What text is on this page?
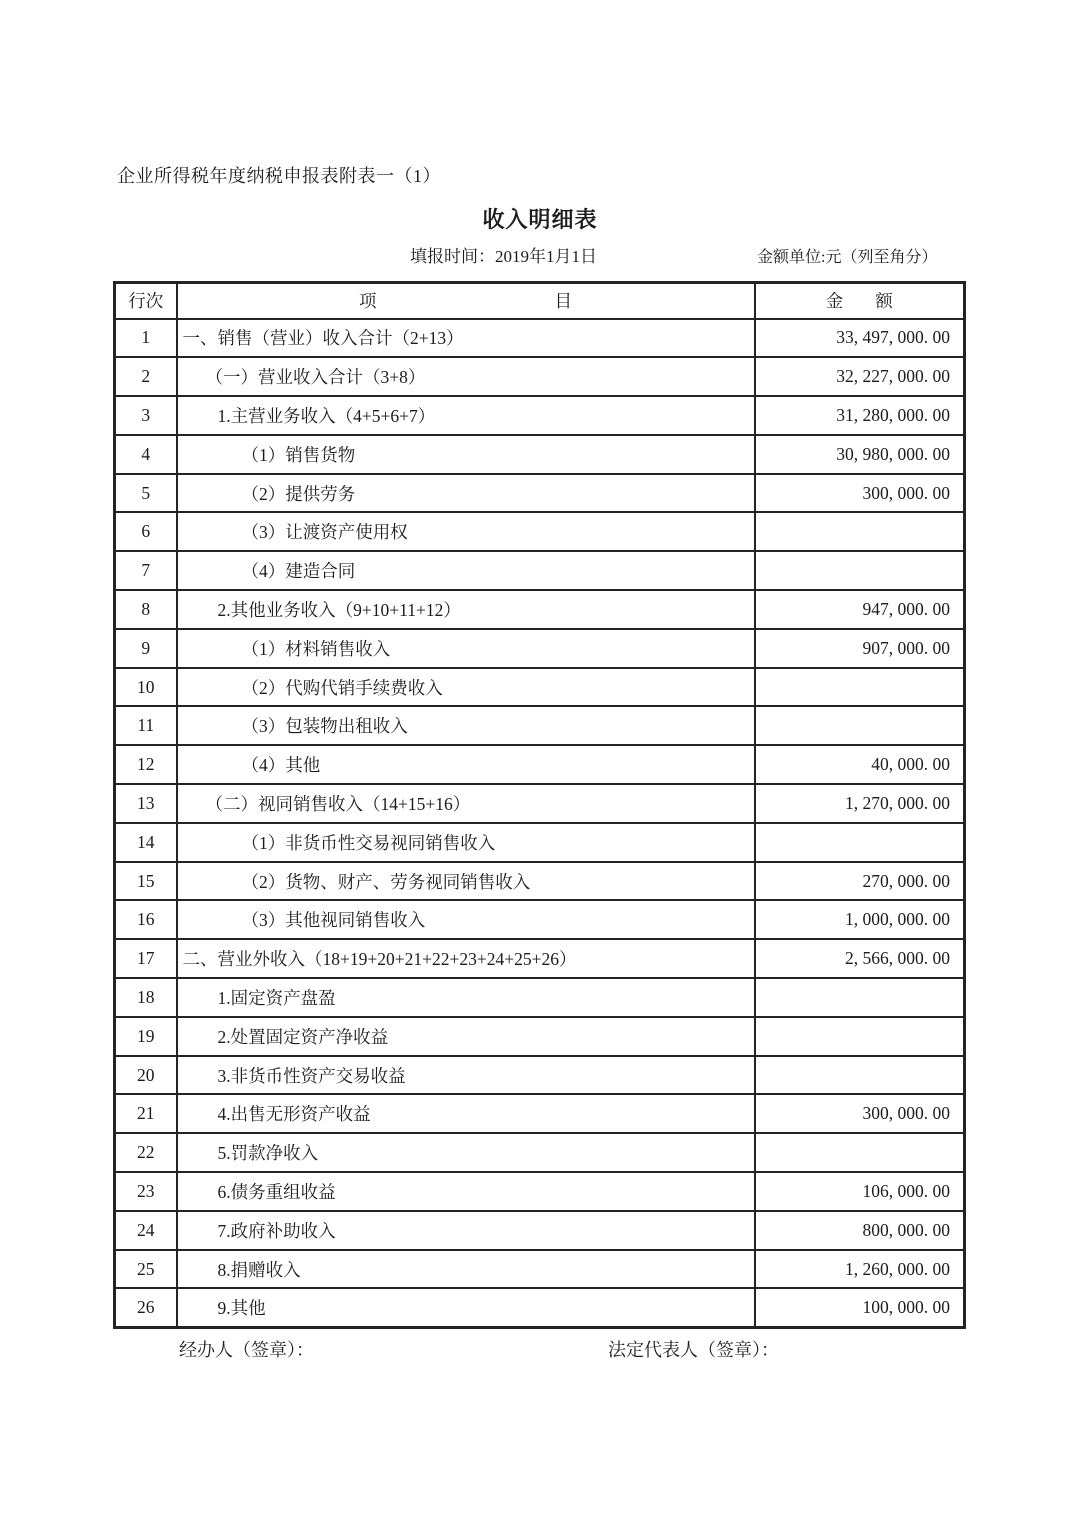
企业所得税年度纳税申报表附表一（1）
收入明细表
填报时间：2019年1月1日	金额单位:元（列至角分）
行次	项 目	金 额

1	一、销售（营业）收入合计（2+13）	33, 497, 000. 00
2	（一）营业收入合计（3+8）	32, 227, 000. 00
3	1.主营业务收入（4+5+6+7）	31, 280, 000. 00
4	（1）销售货物	30, 980, 000. 00
5	（2）提供劳务	300, 000. 00
6	（3）让渡资产使用权	
7	（4）建造合同	
8	2.其他业务收入（9+10+11+12）	947, 000. 00
9	（1）材料销售收入	907, 000. 00
10	（2）代购代销手续费收入	
11	（3）包装物出租收入	
12	（4）其他	40, 000. 00
13	（二）视同销售收入（14+15+16）	1, 270, 000. 00
14	（1）非货币性交易视同销售收入	
15	（2）货物、财产、劳务视同销售收入	270, 000. 00
16	（3）其他视同销售收入	1, 000, 000. 00
17	二、营业外收入（18+19+20+21+22+23+24+25+26）	2, 566, 000. 00
18	1.固定资产盘盈	
19	2.处置固定资产净收益	
20	3.非货币性资产交易收益	
21	4.出售无形资产收益	300, 000. 00
22	5.罚款净收入	
23	6.债务重组收益	106, 000. 00
24	7.政府补助收入	800, 000. 00
25	8.捐赠收入	1, 260, 000. 00
26	9.其他	100, 000. 00
经办人（签章）：	法定代表人（签章）：
